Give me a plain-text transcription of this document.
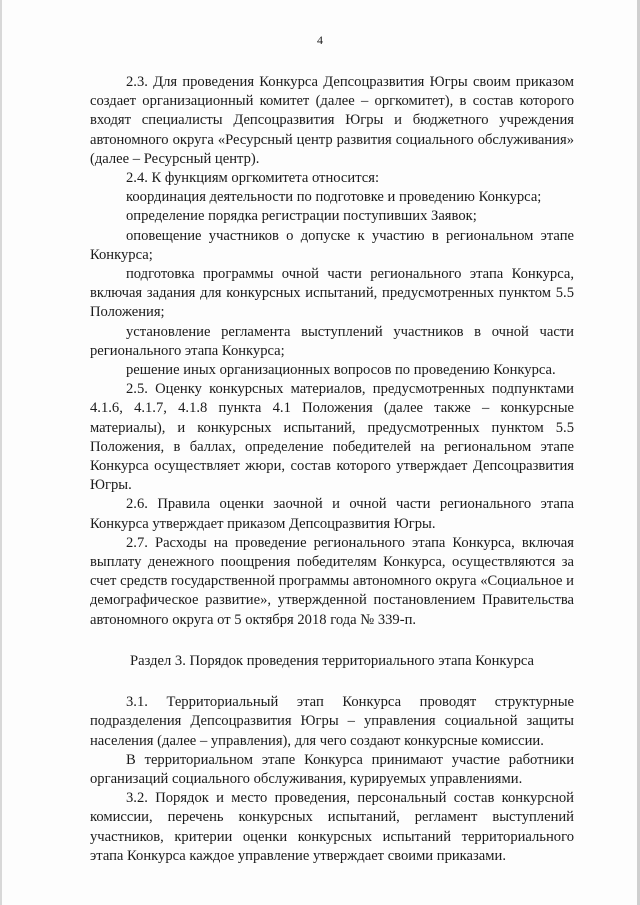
4

2.3. Для проведения Конкурса Депсоцразвития Югры своим приказом создает организационный комитет (далее – оргкомитет), в состав которого входят специалисты Депсоцразвития Югры и бюджетного учреждения автономного округа «Ресурсный центр развития социального обслуживания» (далее – Ресурсный центр).

2.4. К функциям оргкомитета относится:

координация деятельности по подготовке и проведению Конкурса;

определение порядка регистрации поступивших Заявок;

оповещение участников о допуске к участию в региональном этапе Конкурса;

подготовка программы очной части регионального этапа Конкурса, включая задания для конкурсных испытаний, предусмотренных пунктом 5.5 Положения;

установление регламента выступлений участников в очной части регионального этапа Конкурса;

решение иных организационных вопросов по проведению Конкурса.

2.5. Оценку конкурсных материалов, предусмотренных подпунктами 4.1.6, 4.1.7, 4.1.8 пункта 4.1 Положения (далее также – конкурсные материалы), и конкурсных испытаний, предусмотренных пунктом 5.5 Положения, в баллах, определение победителей на региональном этапе Конкурса осуществляет жюри, состав которого утверждает Депсоцразвития Югры.

2.6. Правила оценки заочной и очной части регионального этапа Конкурса утверждает приказом Депсоцразвития Югры.

2.7. Расходы на проведение регионального этапа Конкурса, включая выплату денежного поощрения победителям Конкурса, осуществляются за счет средств государственной программы автономного округа «Социальное и демографическое развитие», утвержденной постановлением Правительства автономного округа от 5 октября 2018 года № 339-п.

Раздел 3. Порядок проведения территориального этапа Конкурса

3.1. Территориальный этап Конкурса проводят структурные подразделения Депсоцразвития Югры – управления социальной защиты населения (далее – управления), для чего создают конкурсные комиссии.

В территориальном этапе Конкурса принимают участие работники организаций социального обслуживания, курируемых управлениями.

3.2. Порядок и место проведения, персональный состав конкурсной комиссии, перечень конкурсных испытаний, регламент выступлений участников, критерии оценки конкурсных испытаний территориального этапа Конкурса каждое управление утверждает своими приказами.
